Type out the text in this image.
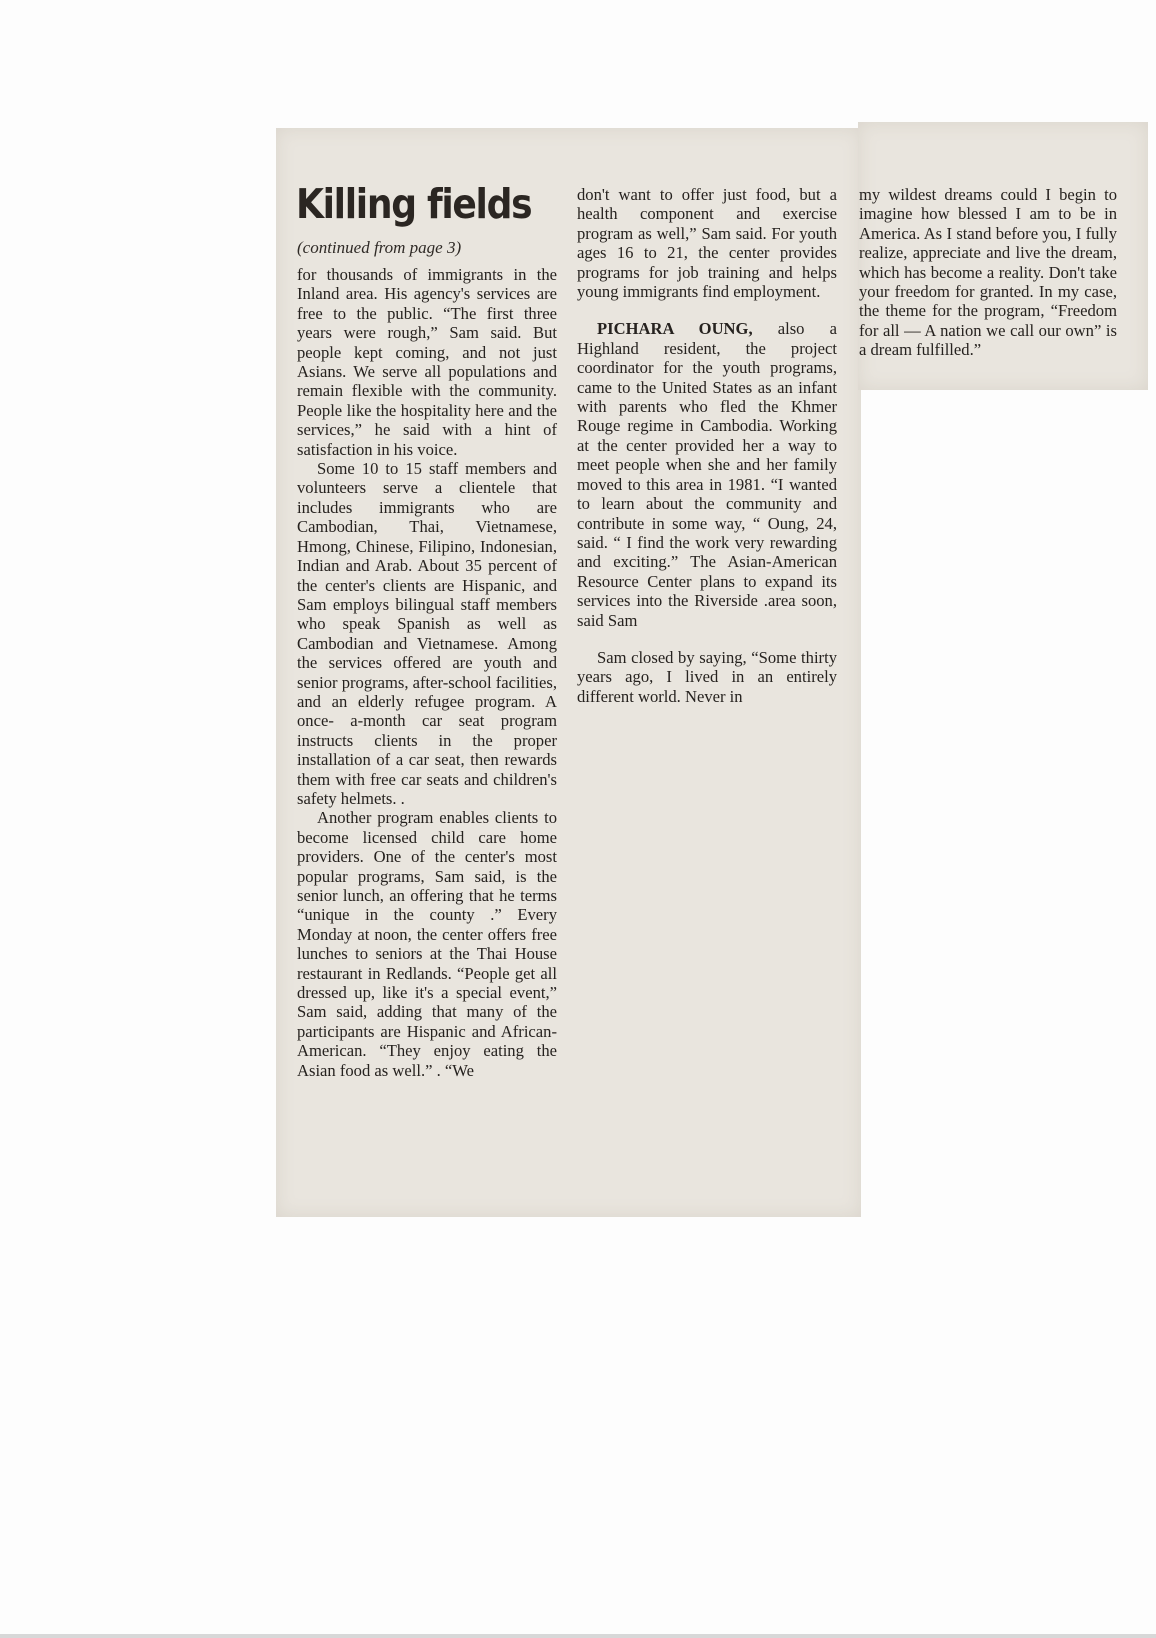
Killing fields
(continued from page 3)

for thousands of immigrants in the Inland area. His agency's services are free to the public. “The first three years were rough,” Sam said. But people kept coming, and not just Asians. We serve all populations and remain flexible with the community. People like the hospitality here and the services,” he said with a hint of satisfaction in his voice.

Some 10 to 15 staff members and volunteers serve a clientele that includes immigrants who are Cambodian, Thai, Vietnamese, Hmong, Chinese, Filipino, Indonesian, Indian and Arab. About 35 percent of the center's clients are Hispanic, and Sam employs bilingual staff members who speak Spanish as well as Cambodian and Vietnamese. Among the services offered are youth and senior programs, after-school facilities, and an elderly refugee program. A once- a-month car seat program instructs clients in the proper installation of a car seat, then rewards them with free car seats and children's safety helmets. .

Another program enables clients to become licensed child care home providers. One of the center's most popular programs, Sam said, is the senior lunch, an offering that he terms “unique in the county .” Every Monday at noon, the center offers free lunches to seniors at the Thai House restaurant in Redlands. “People get all dressed up, like it's a special event,” Sam said, adding that many of the participants are Hispanic and African-American. “They enjoy eating the Asian food as well.” . “We

don't want to offer just food, but a health component and exercise program as well,” Sam said. For youth ages 16 to 21, the center provides programs for job training and helps young immigrants find employment.

PICHARA OUNG, also a Highland resident, the project coordinator for the youth programs, came to the United States as an infant with parents who fled the Khmer Rouge regime in Cambodia. Working at the center provided her a way to meet people when she and her family moved to this area in 1981. “I wanted to learn about the community and contribute in some way, “ Oung, 24, said. “ I find the work very rewarding and exciting.” The Asian-American Resource Center plans to expand its services into the Riverside .area soon, said Sam

Sam closed by saying, “Some thirty years ago, I lived in an entirely different world. Never in

my wildest dreams could I begin to imagine how blessed I am to be in America. As I stand before you, I fully realize, appreciate and live the dream, which has become a reality. Don't take your freedom for granted. In my case, the theme for the program, “Freedom for all — A nation we call our own” is a dream fulfilled.”
